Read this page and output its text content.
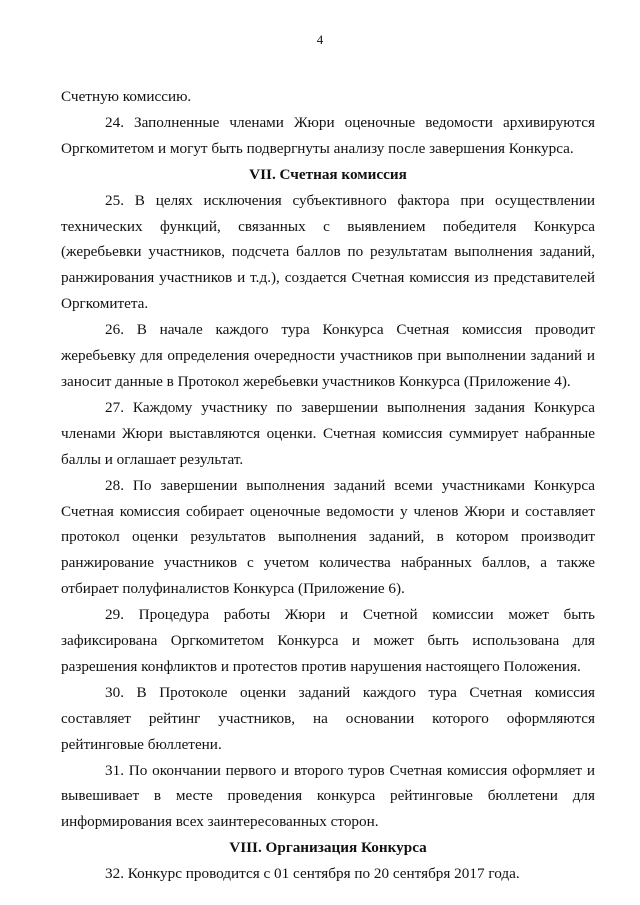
4

Счетную комиссию.

24. Заполненные членами Жюри оценочные ведомости архивируются Оргкомитетом и могут быть подвергнуты анализу после завершения Конкурса.

VII. Счетная комиссия

25. В целях исключения субъективного фактора при осуществлении технических функций, связанных с выявлением победителя Конкурса (жеребьевки участников, подсчета баллов по результатам выполнения заданий, ранжирования участников и т.д.), создается Счетная комиссия из представителей Оргкомитета.

26. В начале каждого тура Конкурса Счетная комиссия проводит жеребьевку для определения очередности участников при выполнении заданий и заносит данные в Протокол жеребьевки участников Конкурса (Приложение 4).

27. Каждому участнику по завершении выполнения задания Конкурса членами Жюри выставляются оценки. Счетная комиссия суммирует набранные баллы и оглашает результат.

28. По завершении выполнения заданий всеми участниками Конкурса Счетная комиссия собирает оценочные ведомости у членов Жюри и составляет протокол оценки результатов выполнения заданий, в котором производит ранжирование участников с учетом количества набранных баллов, а также отбирает полуфиналистов Конкурса (Приложение 6).

29. Процедура работы Жюри и Счетной комиссии может быть зафиксирована Оргкомитетом Конкурса и может быть использована для разрешения конфликтов и протестов против нарушения настоящего Положения.

30. В Протоколе оценки заданий каждого тура Счетная комиссия составляет рейтинг участников, на основании которого оформляются рейтинговые бюллетени.

31. По окончании первого и второго туров Счетная комиссия оформляет и вывешивает в месте проведения конкурса рейтинговые бюллетени для информирования всех заинтересованных сторон.

VIII. Организация Конкурса

32. Конкурс проводится с 01 сентября по 20 сентября 2017 года.
